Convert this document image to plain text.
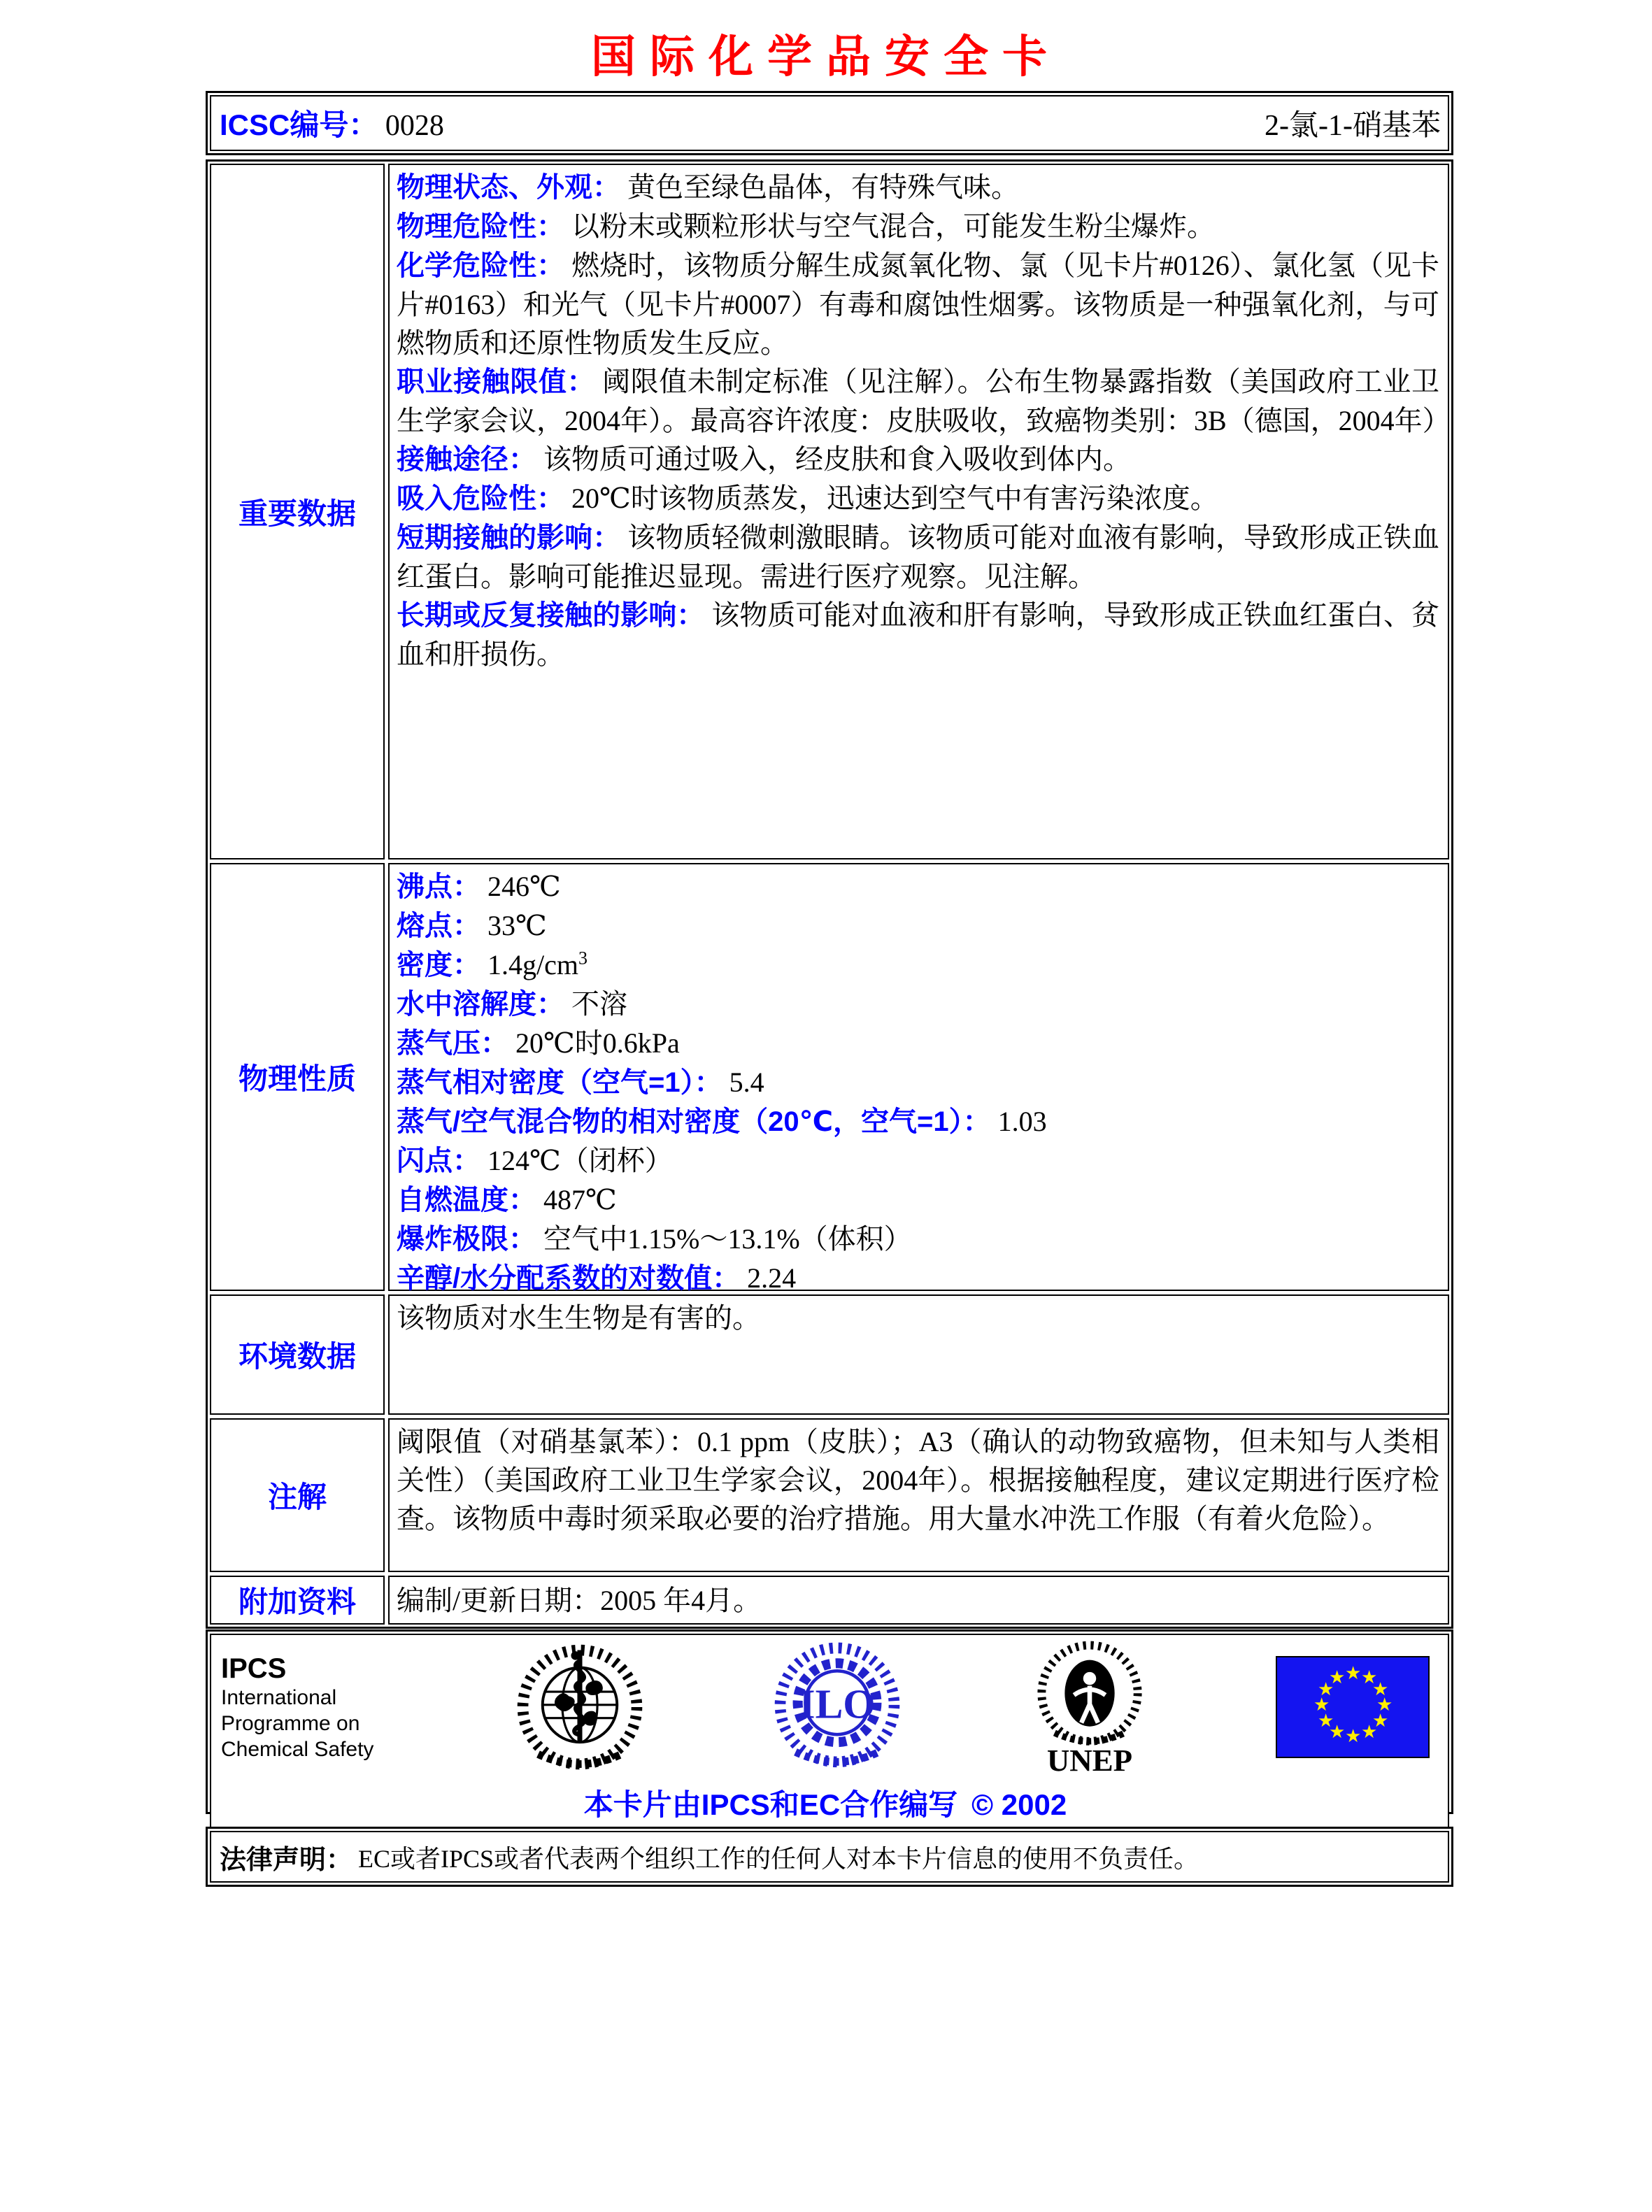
国际化学品安全卡
ICSC编号： 0028	2-氯-1-硝基苯
重要数据
物理状态、外观： 黄色至绿色晶体，有特殊气味。
物理危险性： 以粉末或颗粒形状与空气混合，可能发生粉尘爆炸。
化学危险性： 燃烧时，该物质分解生成氮氧化物、氯（见卡片#0126）、氯化氢（见卡片#0163）和光气（见卡片#0007）有毒和腐蚀性烟雾。该物质是一种强氧化剂，与可燃物质和还原性物质发生反应。
职业接触限值： 阈限值未制定标准（见注解）。公布生物暴露指数（美国政府工业卫生学家会议，2004年）。最高容许浓度：皮肤吸收，致癌物类别：3B（德国，2004年）
接触途径： 该物质可通过吸入，经皮肤和食入吸收到体内。
吸入危险性： 20℃时该物质蒸发，迅速达到空气中有害污染浓度。
短期接触的影响： 该物质轻微刺激眼睛。该物质可能对血液有影响，导致形成正铁血红蛋白。影响可能推迟显现。需进行医疗观察。见注解。
长期或反复接触的影响： 该物质可能对血液和肝有影响，导致形成正铁血红蛋白、贫血和肝损伤。
物理性质
沸点： 246℃
熔点： 33℃
密度： $1.4g/cm^3$
水中溶解度： 不溶
蒸气压： 20℃时0.6kPa
蒸气相对密度（空气=1）： 5.4
蒸气/空气混合物的相对密度（20℃，空气=1）： 1.03
闪点： 124℃（闭杯）
自燃温度： 487℃
爆炸极限： 空气中1.15%～13.1%（体积）
辛醇/水分配系数的对数值： 2.24
环境数据
该物质对水生生物是有害的。
注解
阈限值（对硝基氯苯）：0.1 ppm（皮肤）；A3（确认的动物致癌物，但未知与人类相关性）（美国政府工业卫生学家会议，2004年）。根据接触程度，建议定期进行医疗检查。该物质中毒时须采取必要的治疗措施。用大量水冲洗工作服（有着火危险）。
附加资料 编制/更新日期：2005 年4月。
IPCS
International
Programme on
Chemical Safety
ILO
UNEP
★
★
★
★
★
★
★
★
★
★
★
★
本卡片由IPCS和EC合作编写 © 2002
法律声明： EC或者IPCS或者代表两个组织工作的任何人对本卡片信息的使用不负责任。
